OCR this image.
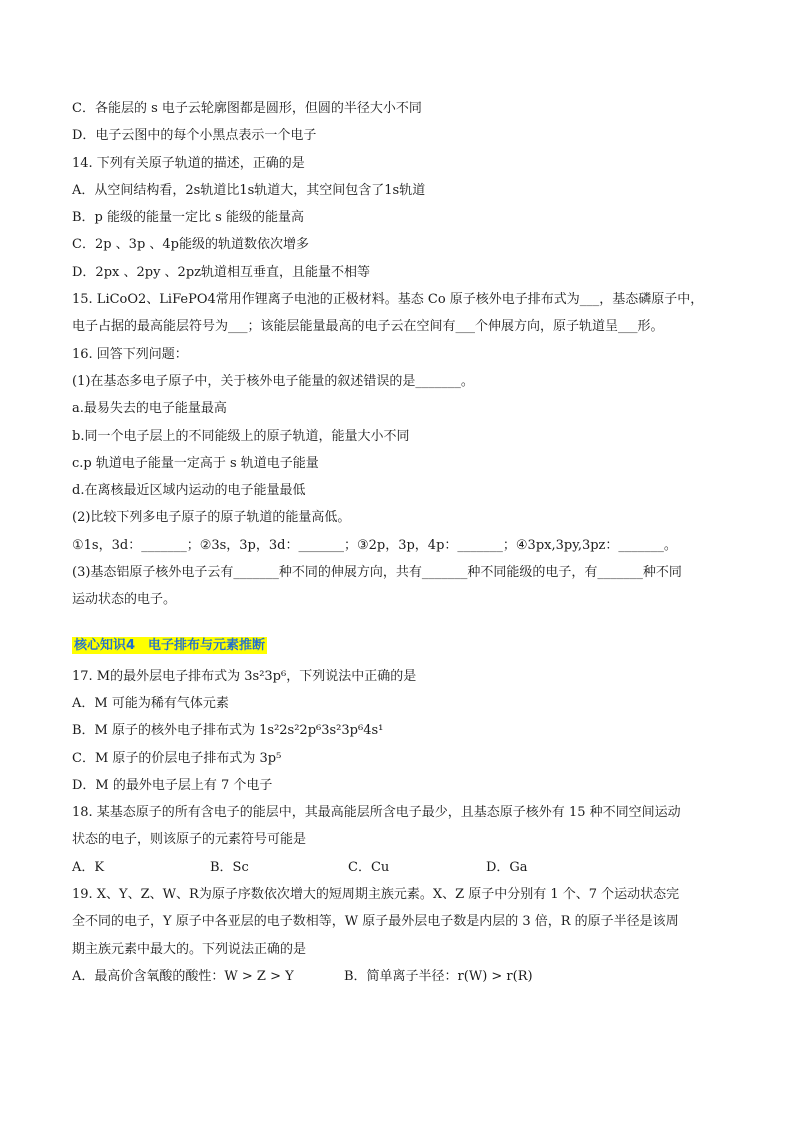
C．各能层的 s 电子云轮廓图都是圆形，但圆的半径大小不同
D．电子云图中的每个小黑点表示一个电子
14. 下列有关原子轨道的描述，正确的是
A．从空间结构看，2s轨道比1s轨道大，其空间包含了1s轨道
B．p 能级的能量一定比 s 能级的能量高
C．2p 、3p 、4p能级的轨道数依次增多
D．2px 、2py 、2pz轨道相互垂直，且能量不相等
15. LiCoO2、LiFePO4常用作锂离子电池的正极材料。基态 Co 原子核外电子排布式为___，基态磷原子中，
电子占据的最高能层符号为___；该能层能量最高的电子云在空间有___个伸展方向，原子轨道呈___形。
16. 回答下列问题：
(1)在基态多电子原子中，关于核外电子能量的叙述错误的是_______。
a.最易失去的电子能量最高
b.同一个电子层上的不同能级上的原子轨道，能量大小不同
c.p 轨道电子能量一定高于 s 轨道电子能量
d.在离核最近区域内运动的电子能量最低
(2)比较下列多电子原子的原子轨道的能量高低。
①1s，3d：_______；②3s，3p，3d：_______；③2p，3p，4p：_______；④3px,3py,3pz：_______。
(3)基态铝原子核外电子云有_______种不同的伸展方向，共有_______种不同能级的电子，有_______种不同
运动状态的电子。
核心知识4　电子排布与元素推断
17. M的最外层电子排布式为 3s²3p⁶，下列说法中正确的是
A．M 可能为稀有气体元素
B．M 原子的核外电子排布式为 1s²2s²2p⁶3s²3p⁶4s¹
C．M 原子的价层电子排布式为 3p⁵
D．M 的最外电子层上有 7 个电子
18. 某基态原子的所有含电子的能层中，其最高能层所含电子最少，且基态原子核外有 15 种不同空间运动
状态的电子，则该原子的元素符号可能是
A．K	B．Sc	C．Cu	D．Ga
19. X、Y、Z、W、R为原子序数依次增大的短周期主族元素。X、Z 原子中分别有 1 个、7 个运动状态完
全不同的电子，Y 原子中各亚层的电子数相等，W 原子最外层电子数是内层的 3 倍，R 的原子半径是该周
期主族元素中最大的。下列说法正确的是
A．最高价含氧酸的酸性：W > Z > Y	B．简单离子半径：r(W) > r(R)
